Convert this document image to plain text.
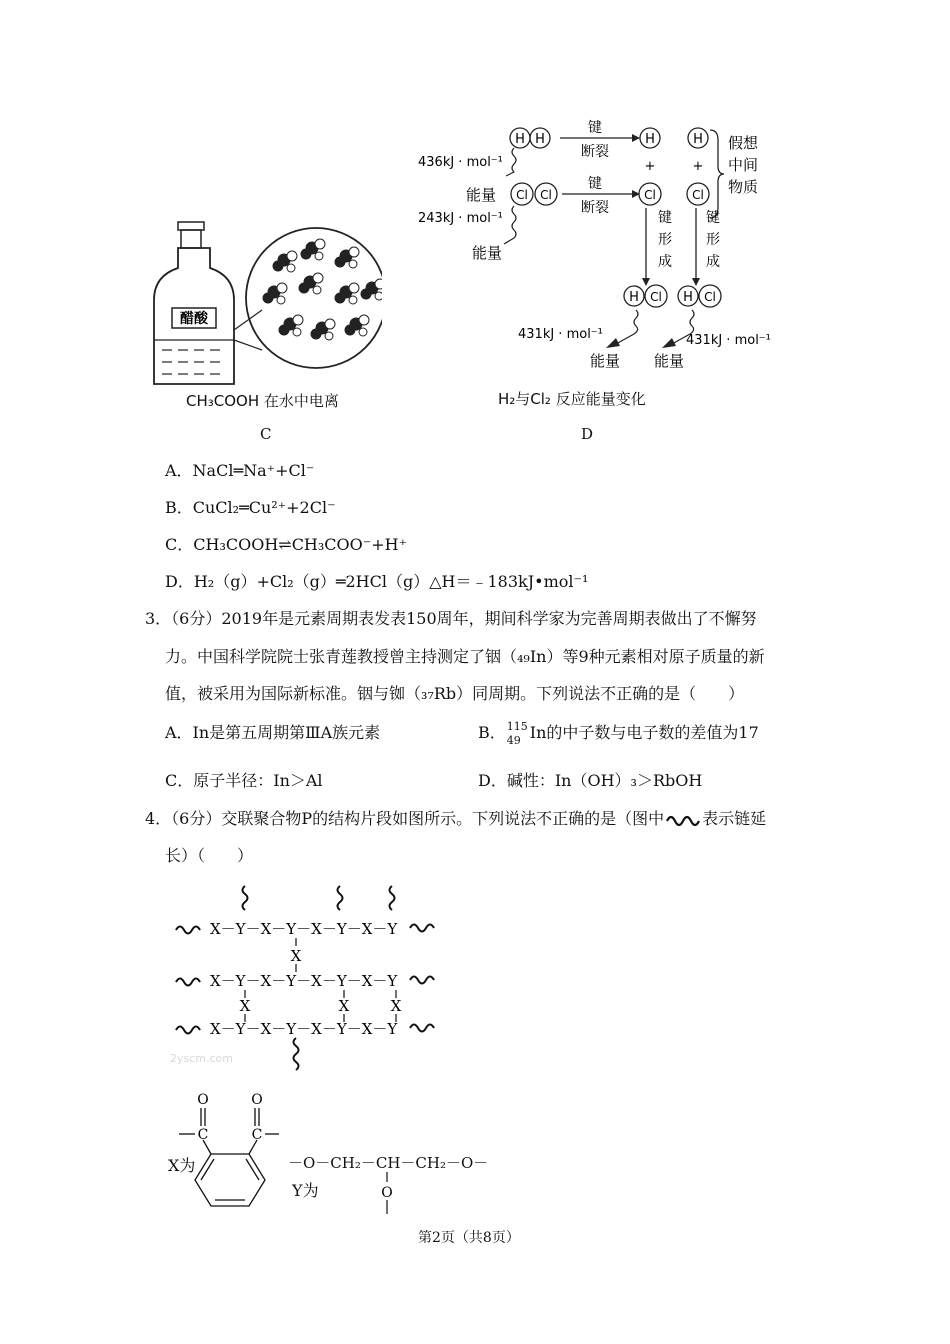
醋酸
CH₃COOH 在水中电离
C
H H
键
断裂
H
+
H
+
436kJ · mol⁻¹
能量 Cl Cl
键
断裂
Cl	Cl
243kJ · mol⁻¹
能量
假想
中间
物质
键
形
成
键
形
成
H Cl H Cl
431kJ · mol⁻¹	431kJ · mol⁻¹
能量 能量
H₂与Cl₂ 反应能量变化
D
A．NaCl═Na⁺+Cl⁻
B．CuCl₂═Cu²⁺+2Cl⁻
C．CH₃COOH⇌CH₃COO⁻+H⁺
D．H₂（g）+Cl₂（g）═2HCl（g）△H＝﹣183kJ•mol⁻¹
3．（6分）2019年是元素周期表发表150周年，期间科学家为完善周期表做出了不懈努
力。中国科学院院士张青莲教授曾主持测定了铟（₄₉In）等9种元素相对原子质量的新
值，被采用为国际新标准。铟与铷（₃₇Rb）同周期。下列说法不正确的是（　　）
A．In是第五周期第ⅢA族元素	B． 115
49 In的中子数与电子数的差值为17
C．原子半径：In＞Al	D．碱性：In（OH）₃＞RbOH
4．（6分）交联聚合物P的结构片段如图所示。下列说法不正确的是（图中 表示链延
长）（　　）
X－Y－X－Y－X－Y－X－Y
X－Y－X－Y－X－Y－X－Y
X－Y－X－Y－X－Y－X－Y
X
X	X	X
2yscm.com
O	O
C	C
X为	－O－CH₂－CH－CH₂－O－
O
Y为
第2页（共8页）
